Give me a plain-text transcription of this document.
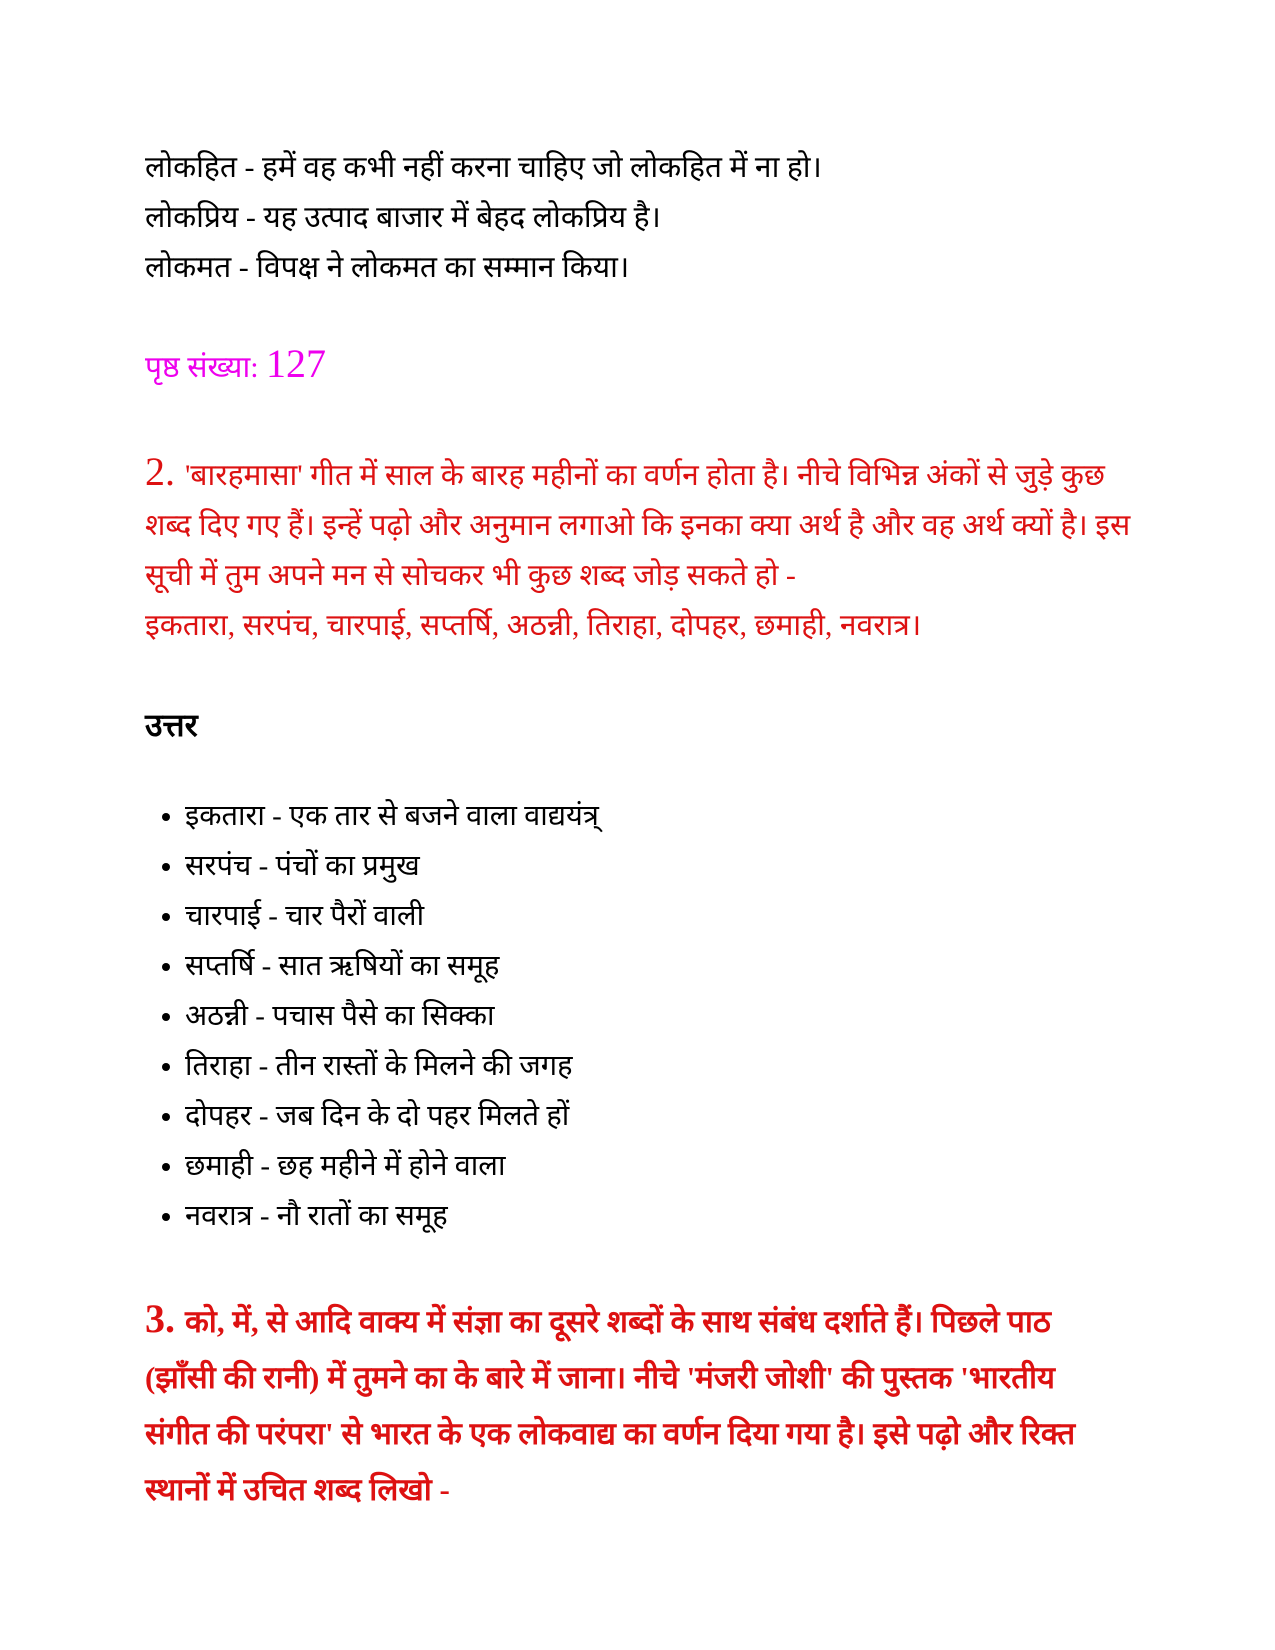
लोकहित - हमें वह कभी नहीं करना चाहिए जो लोकहित में ना हो।
लोकप्रिय - यह उत्पाद बाजार में बेहद लोकप्रिय है।
लोकमत - विपक्ष ने लोकमत का सम्मान किया।
पृष्ठ संख्या: 127
2. 'बारहमासा' गीत में साल के बारह महीनों का वर्णन होता है। नीचे विभिन्न अंकों से जुड़े कुछ
शब्द दिए गए हैं। इन्हें पढ़ो और अनुमान लगाओ कि इनका क्या अर्थ है और वह अर्थ क्यों है। इस
सूची में तुम अपने मन से सोचकर भी कुछ शब्द जोड़ सकते हो -
इकतारा, सरपंच, चारपाई, सप्तर्षि, अठन्नी, तिराहा, दोपहर, छमाही, नवरात्र।
उत्तर
• इकतारा - एक तार से बजने वाला वाद्ययंत्र्
• सरपंच - पंचों का प्रमुख
• चारपाई - चार पैरों वाली
• सप्तर्षि - सात ऋषियों का समूह
• अठन्नी - पचास पैसे का सिक्का
• तिराहा - तीन रास्तों के मिलने की जगह
• दोपहर - जब दिन के दो पहर मिलते हों
• छमाही - छह महीने में होने वाला
• नवरात्र - नौ रातों का समूह
3. को, में, से आदि वाक्य में संज्ञा का दूसरे शब्दों के साथ संबंध दर्शाते हैं। पिछले पाठ
(झाँसी की रानी) में तुमने का के बारे में जाना। नीचे 'मंजरी जोशी' की पुस्तक 'भारतीय
संगीत की परंपरा' से भारत के एक लोकवाद्य का वर्णन दिया गया है। इसे पढ़ो और रिक्त
स्थानों में उचित शब्द लिखो -
